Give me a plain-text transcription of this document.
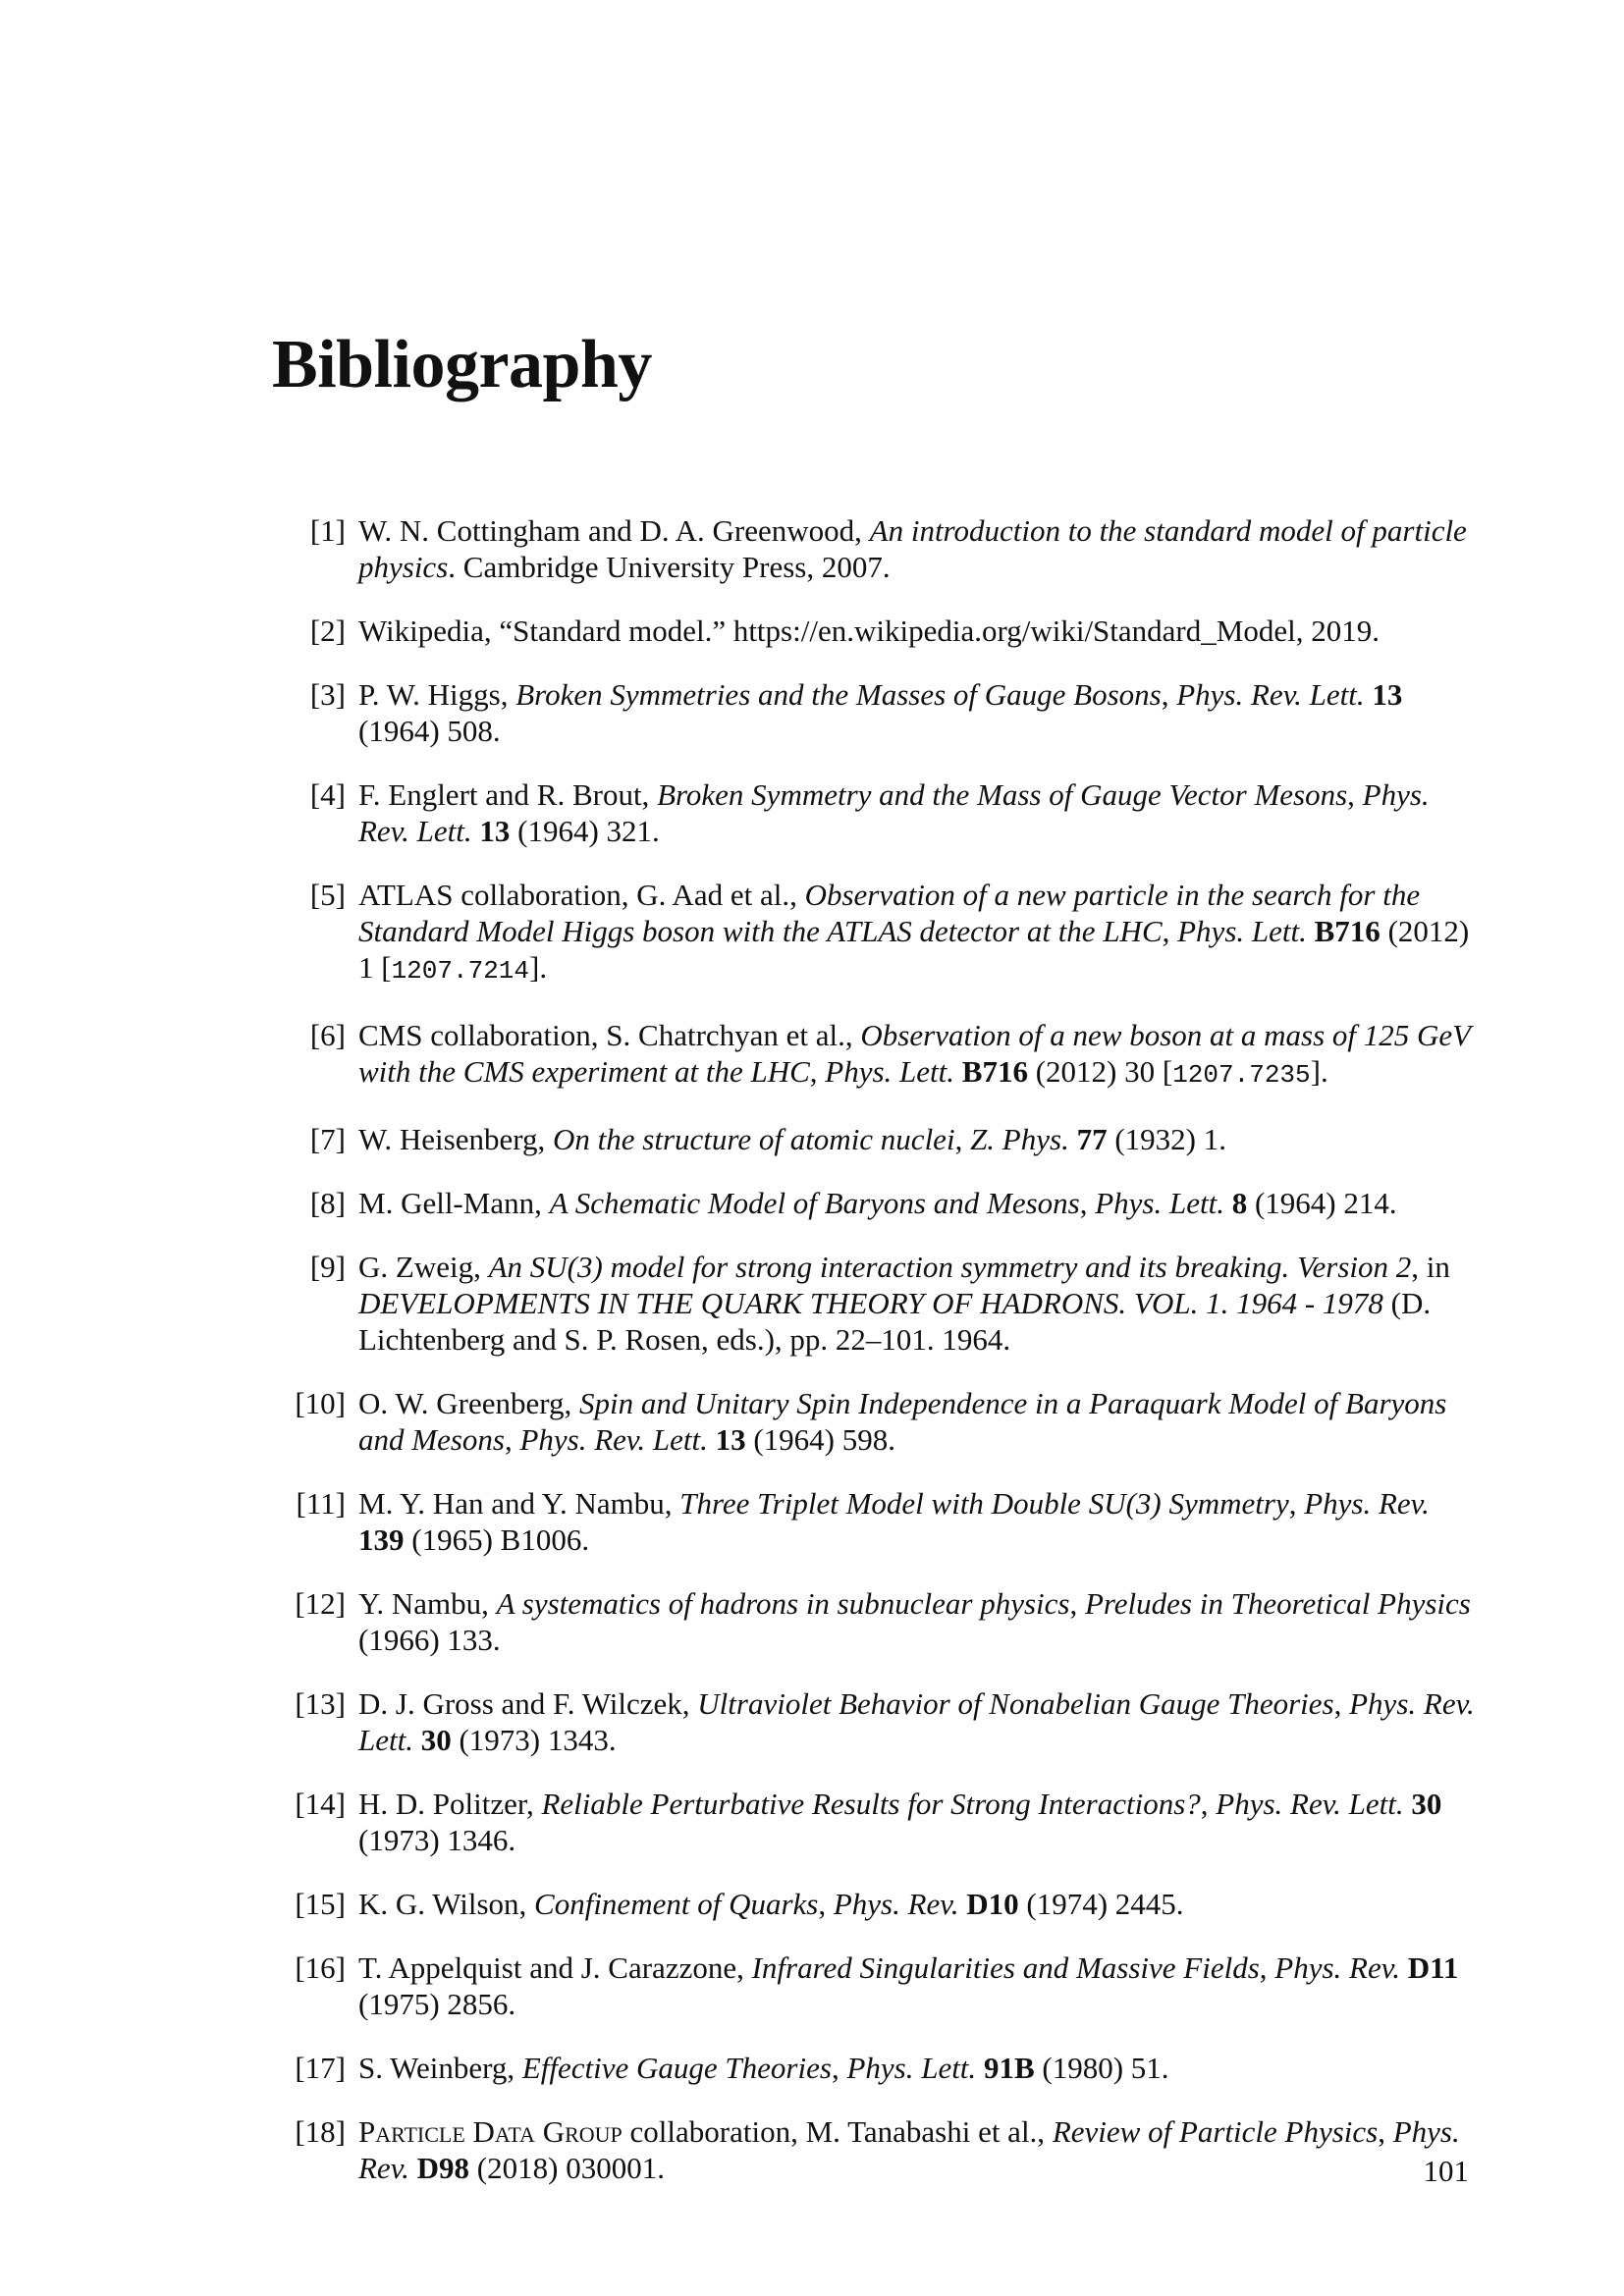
Bibliography
[1] W. N. Cottingham and D. A. Greenwood, An introduction to the standard model of particle physics. Cambridge University Press, 2007.
[2] Wikipedia, “Standard model.” https://en.wikipedia.org/wiki/Standard_Model, 2019.
[3] P. W. Higgs, Broken Symmetries and the Masses of Gauge Bosons, Phys. Rev. Lett. 13 (1964) 508.
[4] F. Englert and R. Brout, Broken Symmetry and the Mass of Gauge Vector Mesons, Phys. Rev. Lett. 13 (1964) 321.
[5] ATLAS collaboration, G. Aad et al., Observation of a new particle in the search for the Standard Model Higgs boson with the ATLAS detector at the LHC, Phys. Lett. B716 (2012) 1 [1207.7214].
[6] CMS collaboration, S. Chatrchyan et al., Observation of a new boson at a mass of 125 GeV with the CMS experiment at the LHC, Phys. Lett. B716 (2012) 30 [1207.7235].
[7] W. Heisenberg, On the structure of atomic nuclei, Z. Phys. 77 (1932) 1.
[8] M. Gell-Mann, A Schematic Model of Baryons and Mesons, Phys. Lett. 8 (1964) 214.
[9] G. Zweig, An SU(3) model for strong interaction symmetry and its breaking. Version 2, in DEVELOPMENTS IN THE QUARK THEORY OF HADRONS. VOL. 1. 1964 - 1978 (D. Lichtenberg and S. P. Rosen, eds.), pp. 22–101. 1964.
[10] O. W. Greenberg, Spin and Unitary Spin Independence in a Paraquark Model of Baryons and Mesons, Phys. Rev. Lett. 13 (1964) 598.
[11] M. Y. Han and Y. Nambu, Three Triplet Model with Double SU(3) Symmetry, Phys. Rev. 139 (1965) B1006.
[12] Y. Nambu, A systematics of hadrons in subnuclear physics, Preludes in Theoretical Physics (1966) 133.
[13] D. J. Gross and F. Wilczek, Ultraviolet Behavior of Nonabelian Gauge Theories, Phys. Rev. Lett. 30 (1973) 1343.
[14] H. D. Politzer, Reliable Perturbative Results for Strong Interactions?, Phys. Rev. Lett. 30 (1973) 1346.
[15] K. G. Wilson, Confinement of Quarks, Phys. Rev. D10 (1974) 2445.
[16] T. Appelquist and J. Carazzone, Infrared Singularities and Massive Fields, Phys. Rev. D11 (1975) 2856.
[17] S. Weinberg, Effective Gauge Theories, Phys. Lett. 91B (1980) 51.
[18] Particle Data Group collaboration, M. Tanabashi et al., Review of Particle Physics, Phys. Rev. D98 (2018) 030001.	101
